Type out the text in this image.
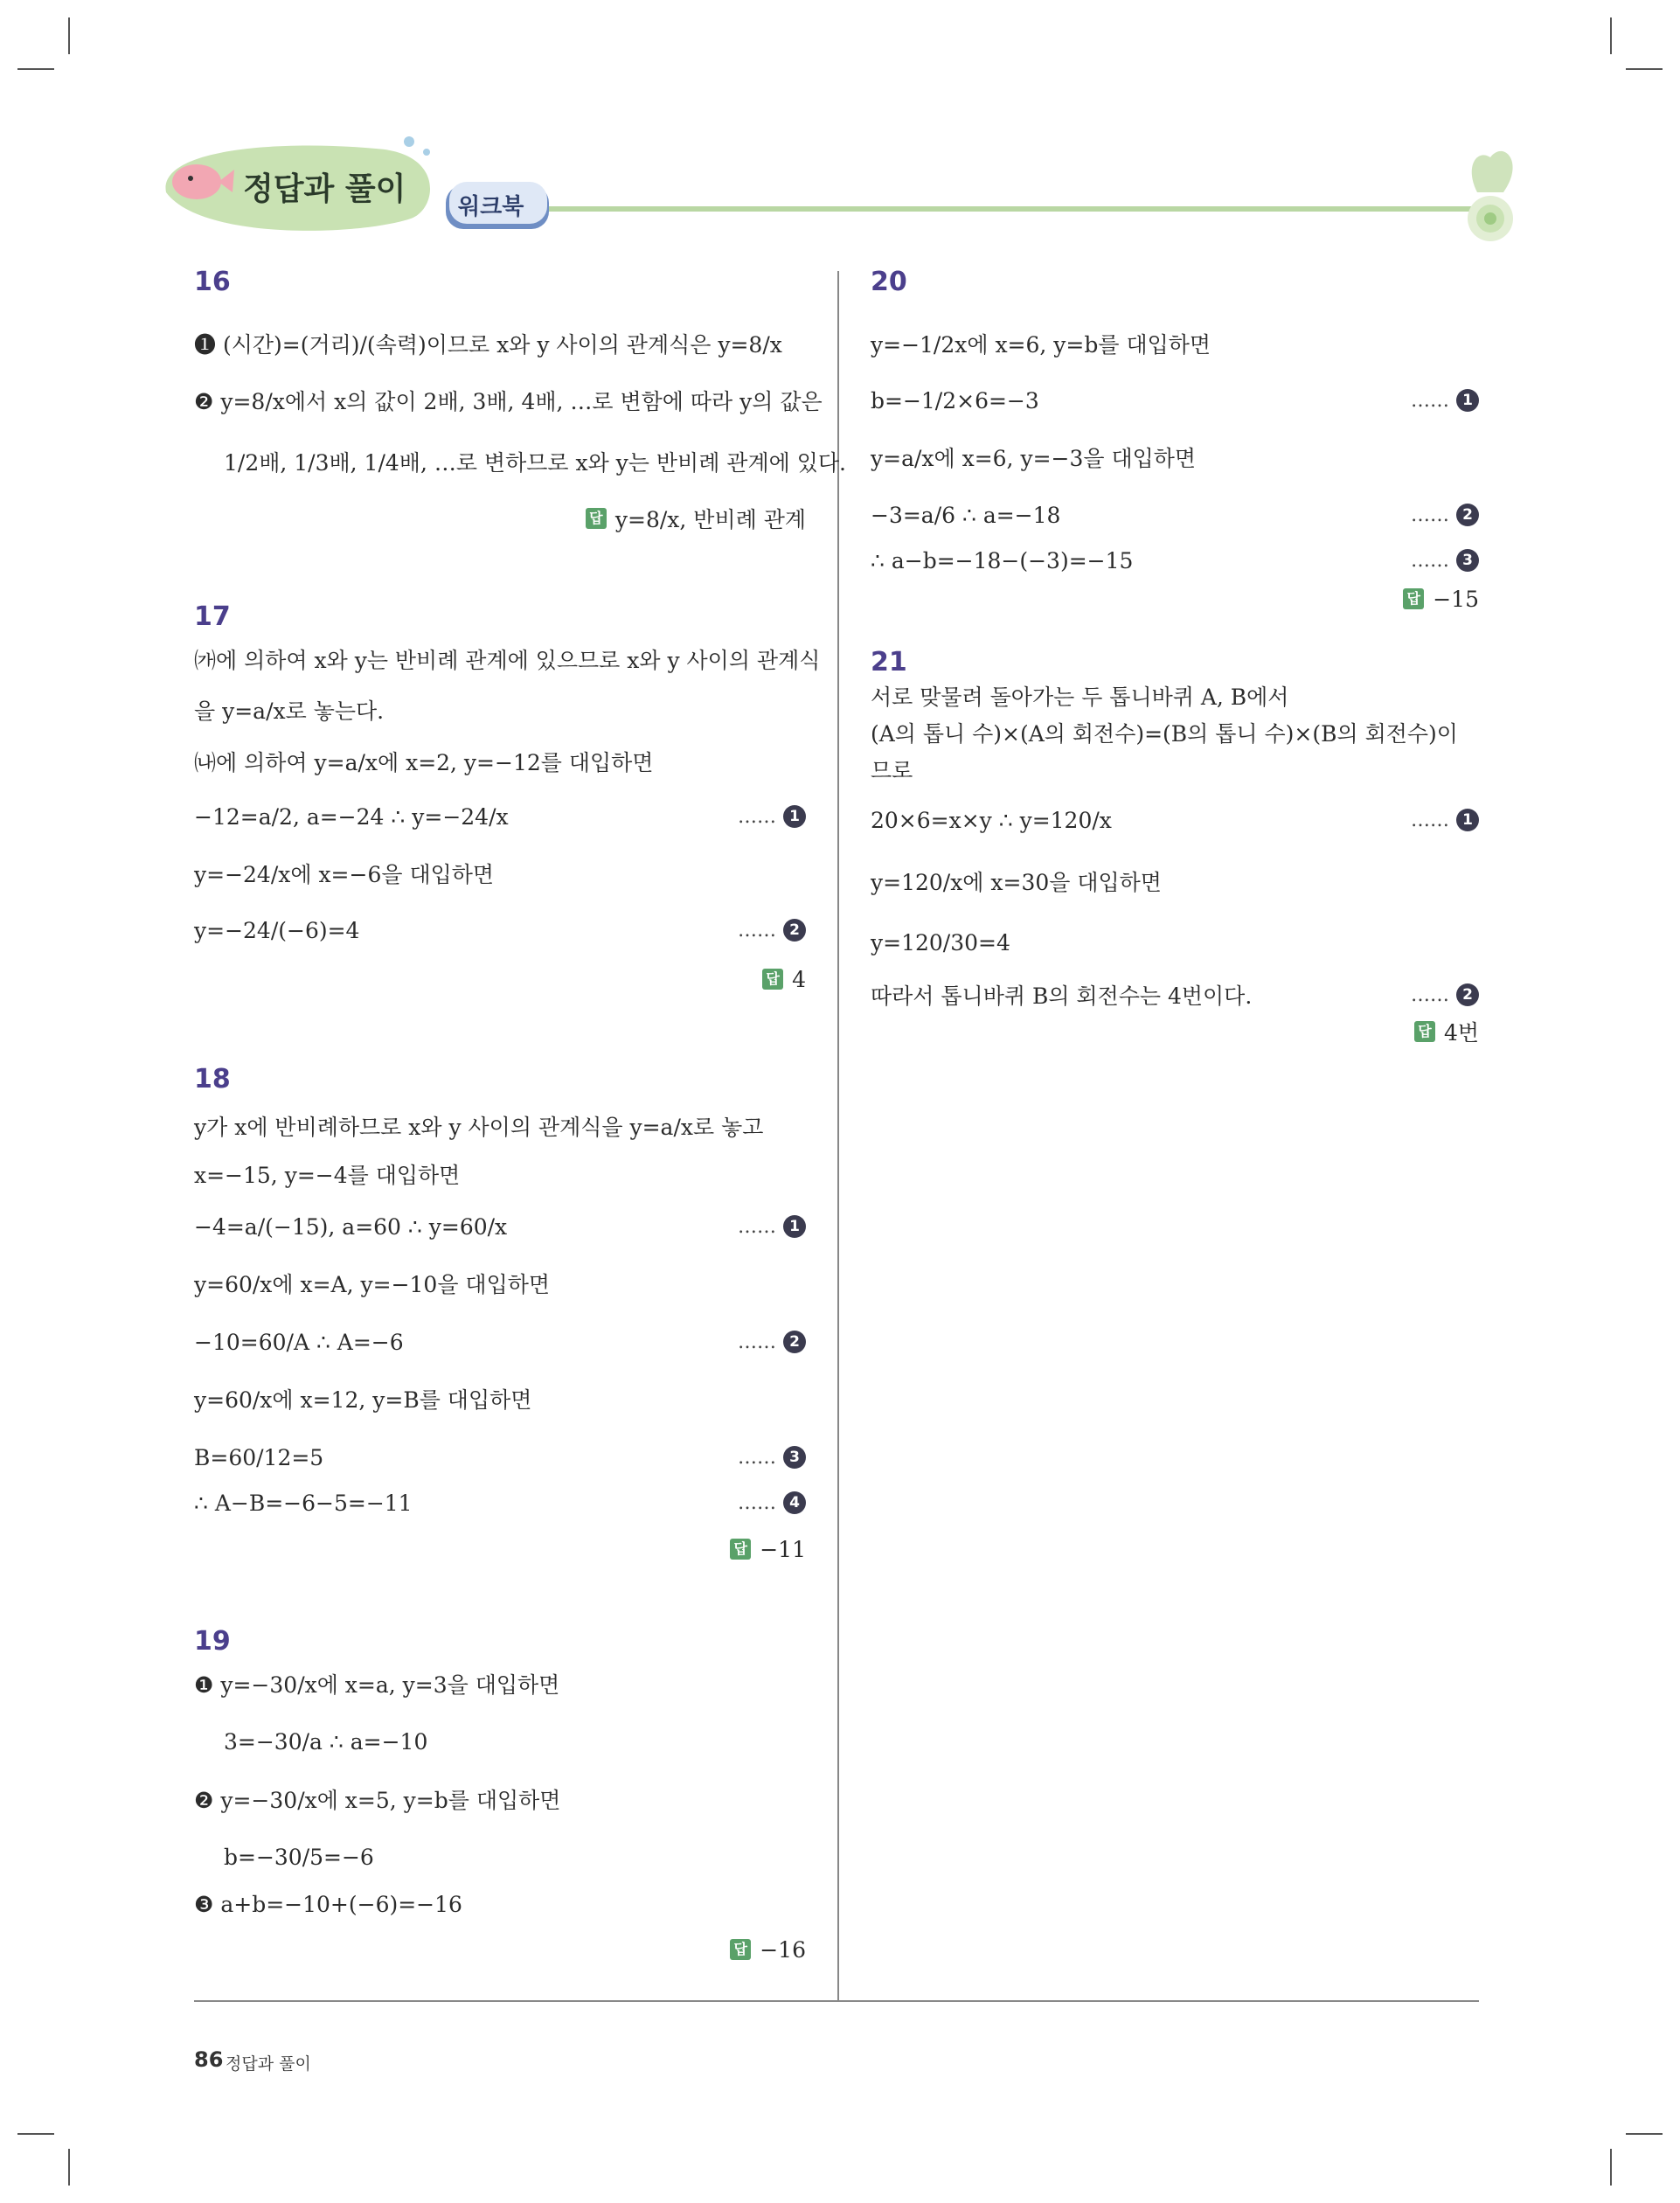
정답과 풀이 워크북
16
❶ (시간)=(거리)/(속력)이므로 x와 y 사이의 관계식은 y=8/x
❷ y=8/x에서 x의 값이 2배, 3배, 4배, …로 변함에 따라 y의 값은
1/2배, 1/3배, 1/4배, …로 변하므로 x와 y는 반비례 관계에 있다.
답 y=8/x, 반비례 관계
17
㈎에 의하여 x와 y는 반비례 관계에 있으므로 x와 y 사이의 관계식
을 y=a/x로 놓는다.
㈏에 의하여 y=a/x에 x=2, y=−12를 대입하면
−12=a/2, a=−24 ∴ y=−24/x	…… 1
y=−24/x에 x=−6을 대입하면
y=−24/(−6)=4	…… 2
답 4
18
y가 x에 반비례하므로 x와 y 사이의 관계식을 y=a/x로 놓고
x=−15, y=−4를 대입하면
−4=a/(−15), a=60 ∴ y=60/x	…… 1
y=60/x에 x=A, y=−10을 대입하면
−10=60/A ∴ A=−6	…… 2
y=60/x에 x=12, y=B를 대입하면
B=60/12=5	…… 3
∴ A−B=−6−5=−11	…… 4
답 −11
19
❶ y=−30/x에 x=a, y=3을 대입하면
3=−30/a ∴ a=−10
❷ y=−30/x에 x=5, y=b를 대입하면
b=−30/5=−6
❸ a+b=−10+(−6)=−16
답 −16
20
y=−1/2x에 x=6, y=b를 대입하면
b=−1/2×6=−3	…… 1
y=a/x에 x=6, y=−3을 대입하면
−3=a/6 ∴ a=−18	…… 2
∴ a−b=−18−(−3)=−15	…… 3
답 −15
21
서로 맞물려 돌아가는 두 톱니바퀴 A, B에서
(A의 톱니 수)×(A의 회전수)=(B의 톱니 수)×(B의 회전수)이
므로
20×6=x×y ∴ y=120/x	…… 1
y=120/x에 x=30을 대입하면
y=120/30=4
따라서 톱니바퀴 B의 회전수는 4번이다.	…… 2
답 4번
86 정답과 풀이
